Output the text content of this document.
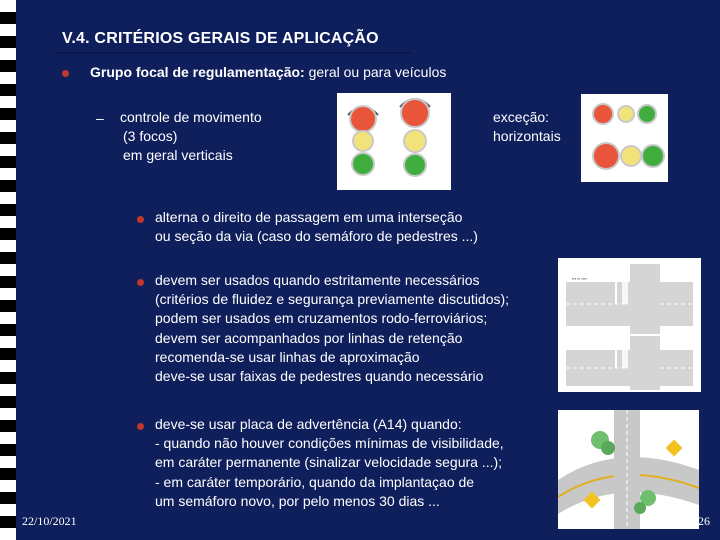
V.4. CRITÉRIOS GERAIS DE APLICAÇÃO
Grupo focal de regulamentação: geral ou para veículos
– controle de movimento
(3 focos)
em geral verticais
exceção:
horizontais
alterna o direito de passagem em uma interseção
ou seção da via (caso do semáforo de pedestres ...)
devem ser usados quando estritamente necessários
(critérios de fluidez e segurança previamente discutidos);
podem ser usados em cruzamentos rodo-ferroviários;
devem ser acompanhados por linhas de retenção
recomenda-se usar linhas de aproximação
deve-se usar faixas de pedestres quando necessário
▪▪▪ ▪▪ ▪▪▪▪
deve-se usar placa de advertência (A14) quando:
- quando não houver condições mínimas de visibilidade,
em caráter permanente (sinalizar velocidade segura ...);
- em caráter temporário, quando da implantaçao de
um semáforo novo, por pelo menos 30 dias ...
22/10/2021	26
